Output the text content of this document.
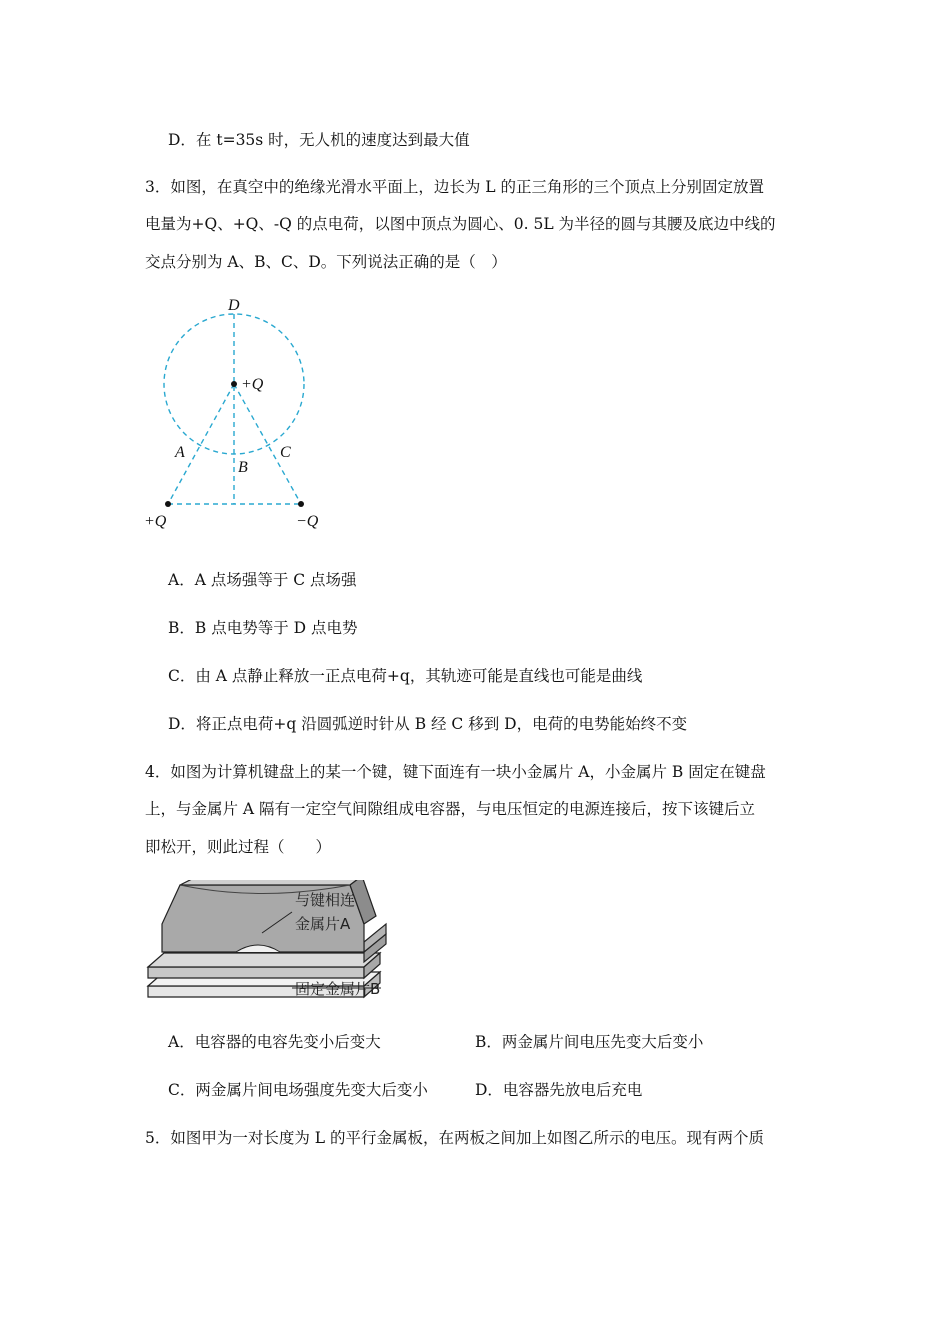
D．在 t=35s 时，无人机的速度达到最大值
3．如图，在真空中的绝缘光滑水平面上，边长为 L 的正三角形的三个顶点上分别固定放置
电量为+Q、+Q、-Q 的点电荷，以图中顶点为圆心、0. 5L 为半径的圆与其腰及底边中线的
交点分别为 A、B、C、D。下列说法正确的是（　）
D
+Q
A
B
C
+Q	−Q
A．A 点场强等于 C 点场强
B．B 点电势等于 D 点电势
C．由 A 点静止释放一正点电荷+q，其轨迹可能是直线也可能是曲线
D．将正点电荷+q 沿圆弧逆时针从 B 经 C 移到 D，电荷的电势能始终不变
4．如图为计算机键盘上的某一个键，键下面连有一块小金属片 A，小金属片 B 固定在键盘
上，与金属片 A 隔有一定空气间隙组成电容器，与电压恒定的电源连接后，按下该键后立
即松开，则此过程（　　）
与键相连
金属片A
固定金属片B
A．电容器的电容先变小后变大	B．两金属片间电压先变大后变小
C．两金属片间电场强度先变大后变小	D．电容器先放电后充电
5．如图甲为一对长度为 L 的平行金属板，在两板之间加上如图乙所示的电压。现有两个质
